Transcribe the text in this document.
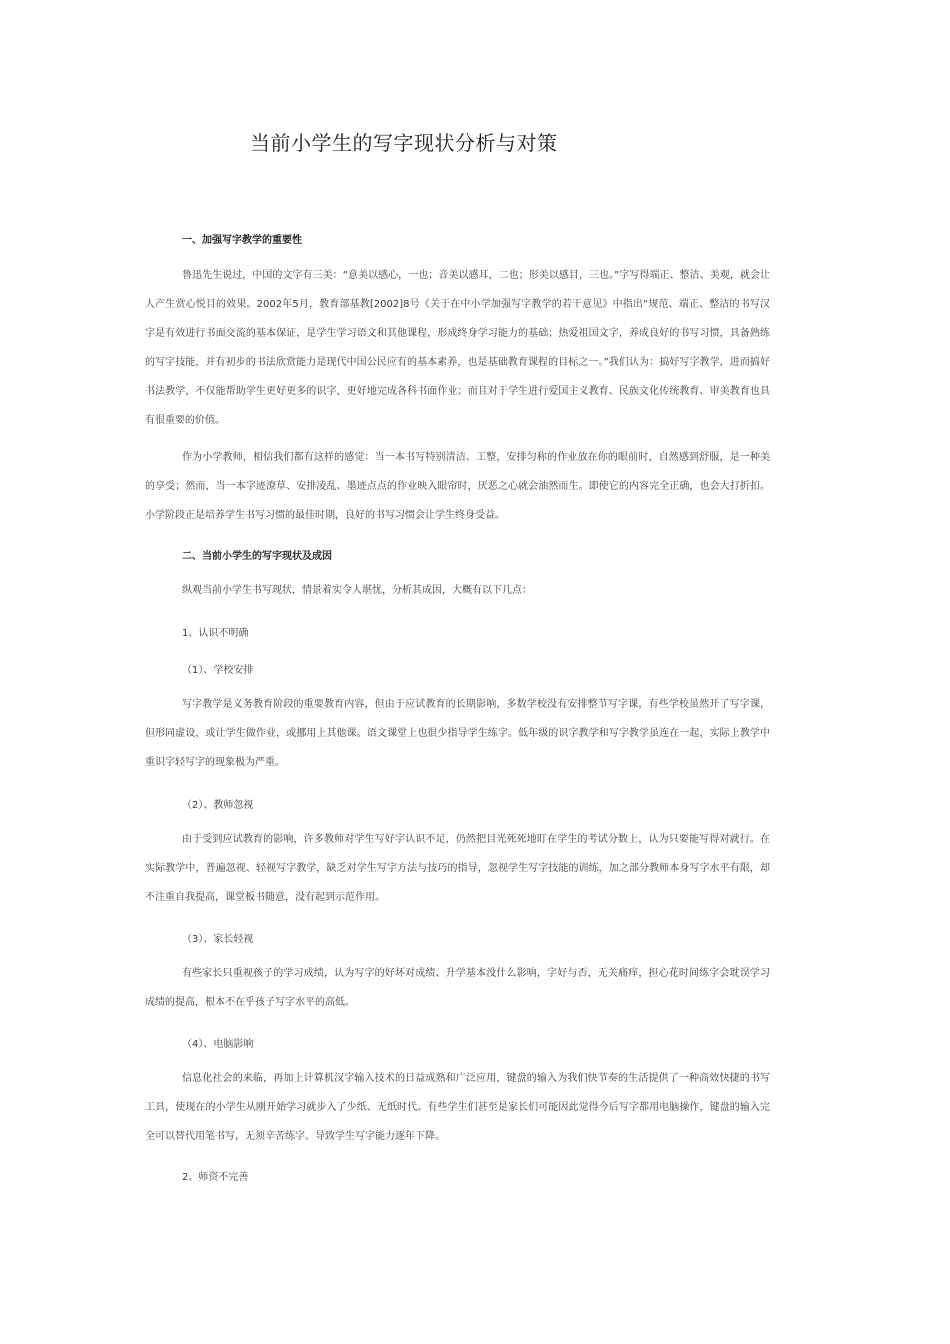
当前小学生的写字现状分析与对策
一、加强写字教学的重要性
鲁迅先生说过，中国的文字有三美：“意美以感心，一也；音美以感耳，二也；形美以感目，三也。”字写得端正、整洁、美观，就会让人产生赏心悦目的效果。2002年5月，教育部基教[2002]8号《关于在中小学加强写字教学的若干意见》中指出“规范、端正、整洁的书写汉字是有效进行书面交流的基本保证，是学生学习语文和其他课程，形成终身学习能力的基础；热爱祖国文字，养成良好的书写习惯，具备熟练的写字技能，并有初步的书法欣赏能力是现代中国公民应有的基本素养，也是基础教育课程的目标之一。”我们认为：搞好写字教学，进而搞好书法教学，不仅能帮助学生更好更多的识字，更好地完成各科书面作业；而且对于学生进行爱国主义教育、民族文化传统教育、审美教育也具有很重要的价值。
作为小学教师，相信我们都有这样的感觉：当一本书写特别清洁、工整，安排匀称的作业放在你的眼前时，自然感到舒服，是一种美的享受；然而，当一本字迹潦草、安排凌乱、墨迹点点的作业映入眼帘时，厌恶之心就会油然而生。即使它的内容完全正确，也会大打折扣。小学阶段正是培养学生书写习惯的最佳时期，良好的书写习惯会让学生终身受益。
二、当前小学生的写字现状及成因
纵观当前小学生书写现状，情景着实令人堪忧，分析其成因，大概有以下几点：
1、认识不明确
（1）、学校安排
写字教学是义务教育阶段的重要教育内容，但由于应试教育的长期影响，多数学校没有安排整节写字课，有些学校虽然开了写字课，但形同虚设，或让学生做作业，或挪用上其他课。语文课堂上也很少指导学生练字。低年级的识字教学和写字教学虽连在一起，实际上教学中重识字轻写字的现象极为严重。
（2）、教师忽视
由于受到应试教育的影响，许多教师对学生写好字认识不足，仍然把目光死死地盯在学生的考试分数上，认为只要能写得对就行。在实际教学中，普遍忽视、轻视写字教学，缺乏对学生写字方法与技巧的指导，忽视学生写字技能的训练，加之部分教师本身写字水平有限，却不注重自我提高，课堂板书随意，没有起到示范作用。
（3）、家长轻视
有些家长只重视孩子的学习成绩，认为写字的好坏对成绩、升学基本没什么影响，字好与否，无关痛痒，担心花时间练字会耽误学习成绩的提高，根本不在乎孩子写字水平的高低。
（4）、电脑影响
信息化社会的来临，再加上计算机汉字输入技术的日益成熟和广泛应用，键盘的输入为我们快节奏的生活提供了一种高效快捷的书写工具，使现在的小学生从刚开始学习就步入了少纸、无纸时代。有些学生们甚至是家长们可能因此觉得今后写字都用电脑操作，键盘的输入完全可以替代用笔书写，无须辛苦练字。导致学生写字能力逐年下降。
2、师资不完善
